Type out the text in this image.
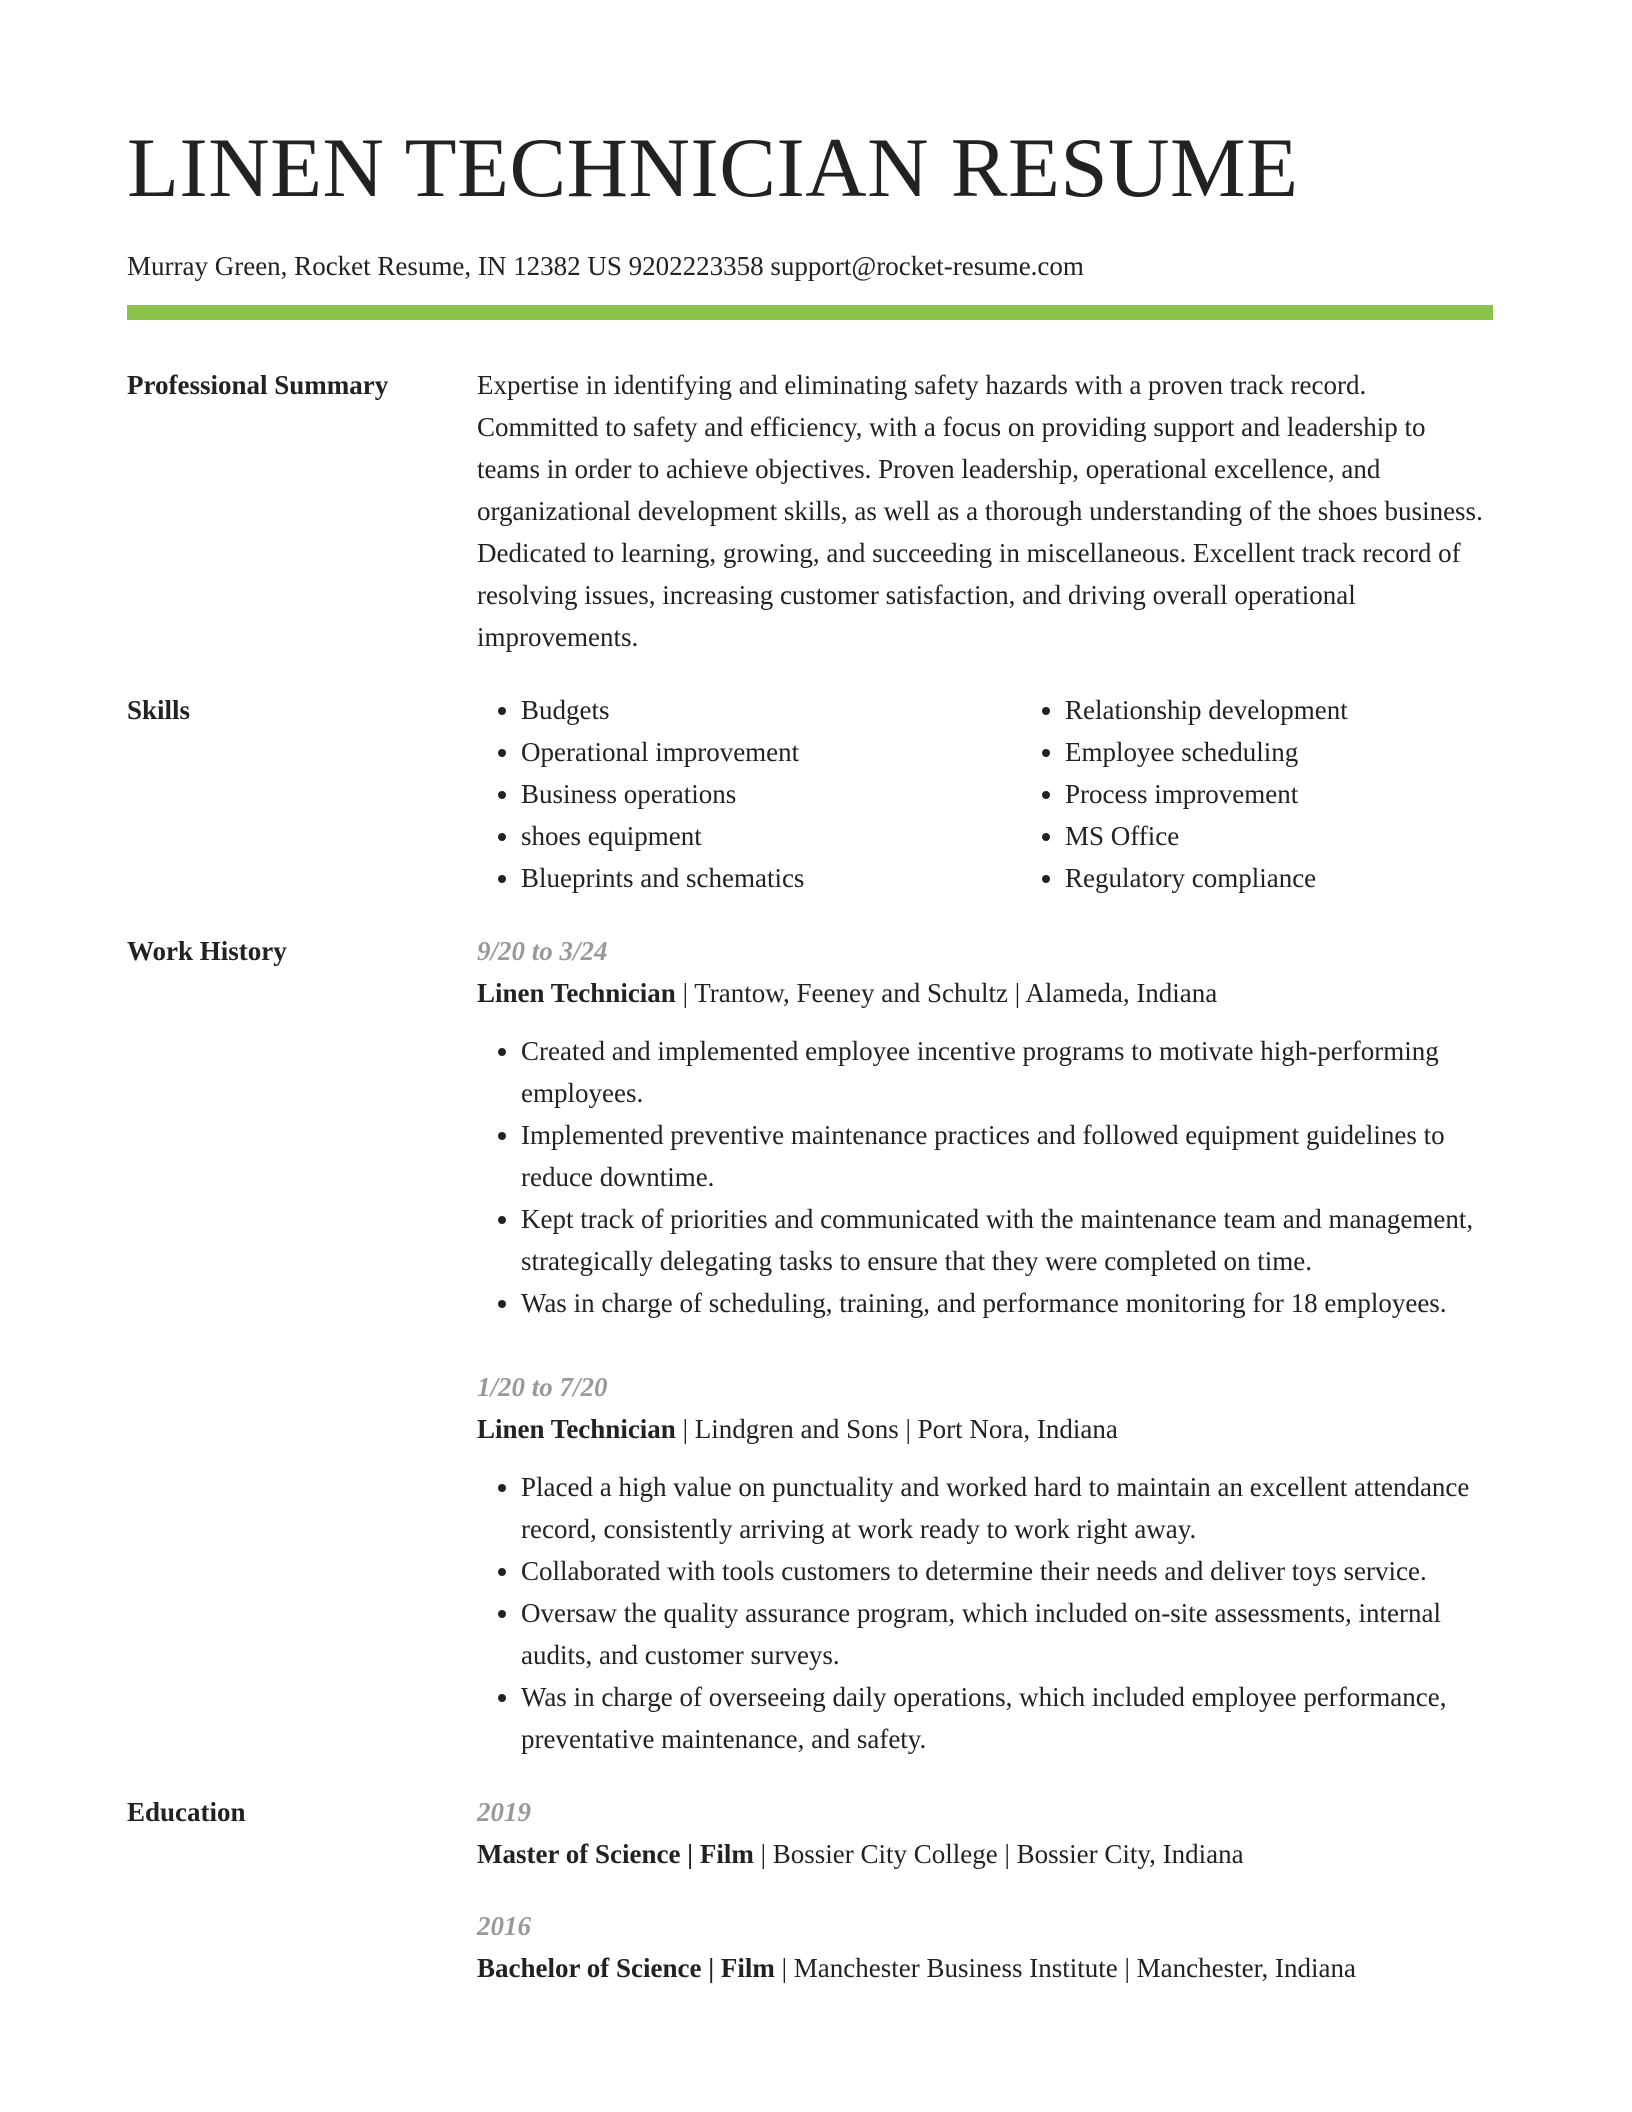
LINEN TECHNICIAN RESUME
Murray Green, Rocket Resume, IN 12382 US 9202223358 support@rocket-resume.com
Professional Summary	Expertise in identifying and eliminating safety hazards with a proven track record. Committed to safety and efficiency, with a focus on providing support and leadership to teams in order to achieve objectives. Proven leadership, operational excellence, and organizational development skills, as well as a thorough understanding of the shoes business. Dedicated to learning, growing, and succeeding in miscellaneous. Excellent track record of resolving issues, increasing customer satisfaction, and driving overall operational improvements.
Skills
•	Budgets
• Operational improvement
• Business operations
• shoes equipment
• Blueprints and schematics
• Relationship development
• Employee scheduling
• Process improvement
• MS Office
• Regulatory compliance
Work History	9/20 to 3/24
Linen Technician | Trantow, Feeney and Schultz | Alameda, Indiana
• Created and implemented employee incentive programs to motivate high-performing employees.
• Implemented preventive maintenance practices and followed equipment guidelines to reduce downtime.
• Kept track of priorities and communicated with the maintenance team and management, strategically delegating tasks to ensure that they were completed on time.
• Was in charge of scheduling, training, and performance monitoring for 18 employees.
1/20 to 7/20
Linen Technician | Lindgren and Sons | Port Nora, Indiana
• Placed a high value on punctuality and worked hard to maintain an excellent attendance record, consistently arriving at work ready to work right away.
• Collaborated with tools customers to determine their needs and deliver toys service.
• Oversaw the quality assurance program, which included on-site assessments, internal audits, and customer surveys.
• Was in charge of overseeing daily operations, which included employee performance, preventative maintenance, and safety.
Education	2019
Master of Science | Film | Bossier City College | Bossier City, Indiana
2016
Bachelor of Science | Film | Manchester Business Institute | Manchester, Indiana
